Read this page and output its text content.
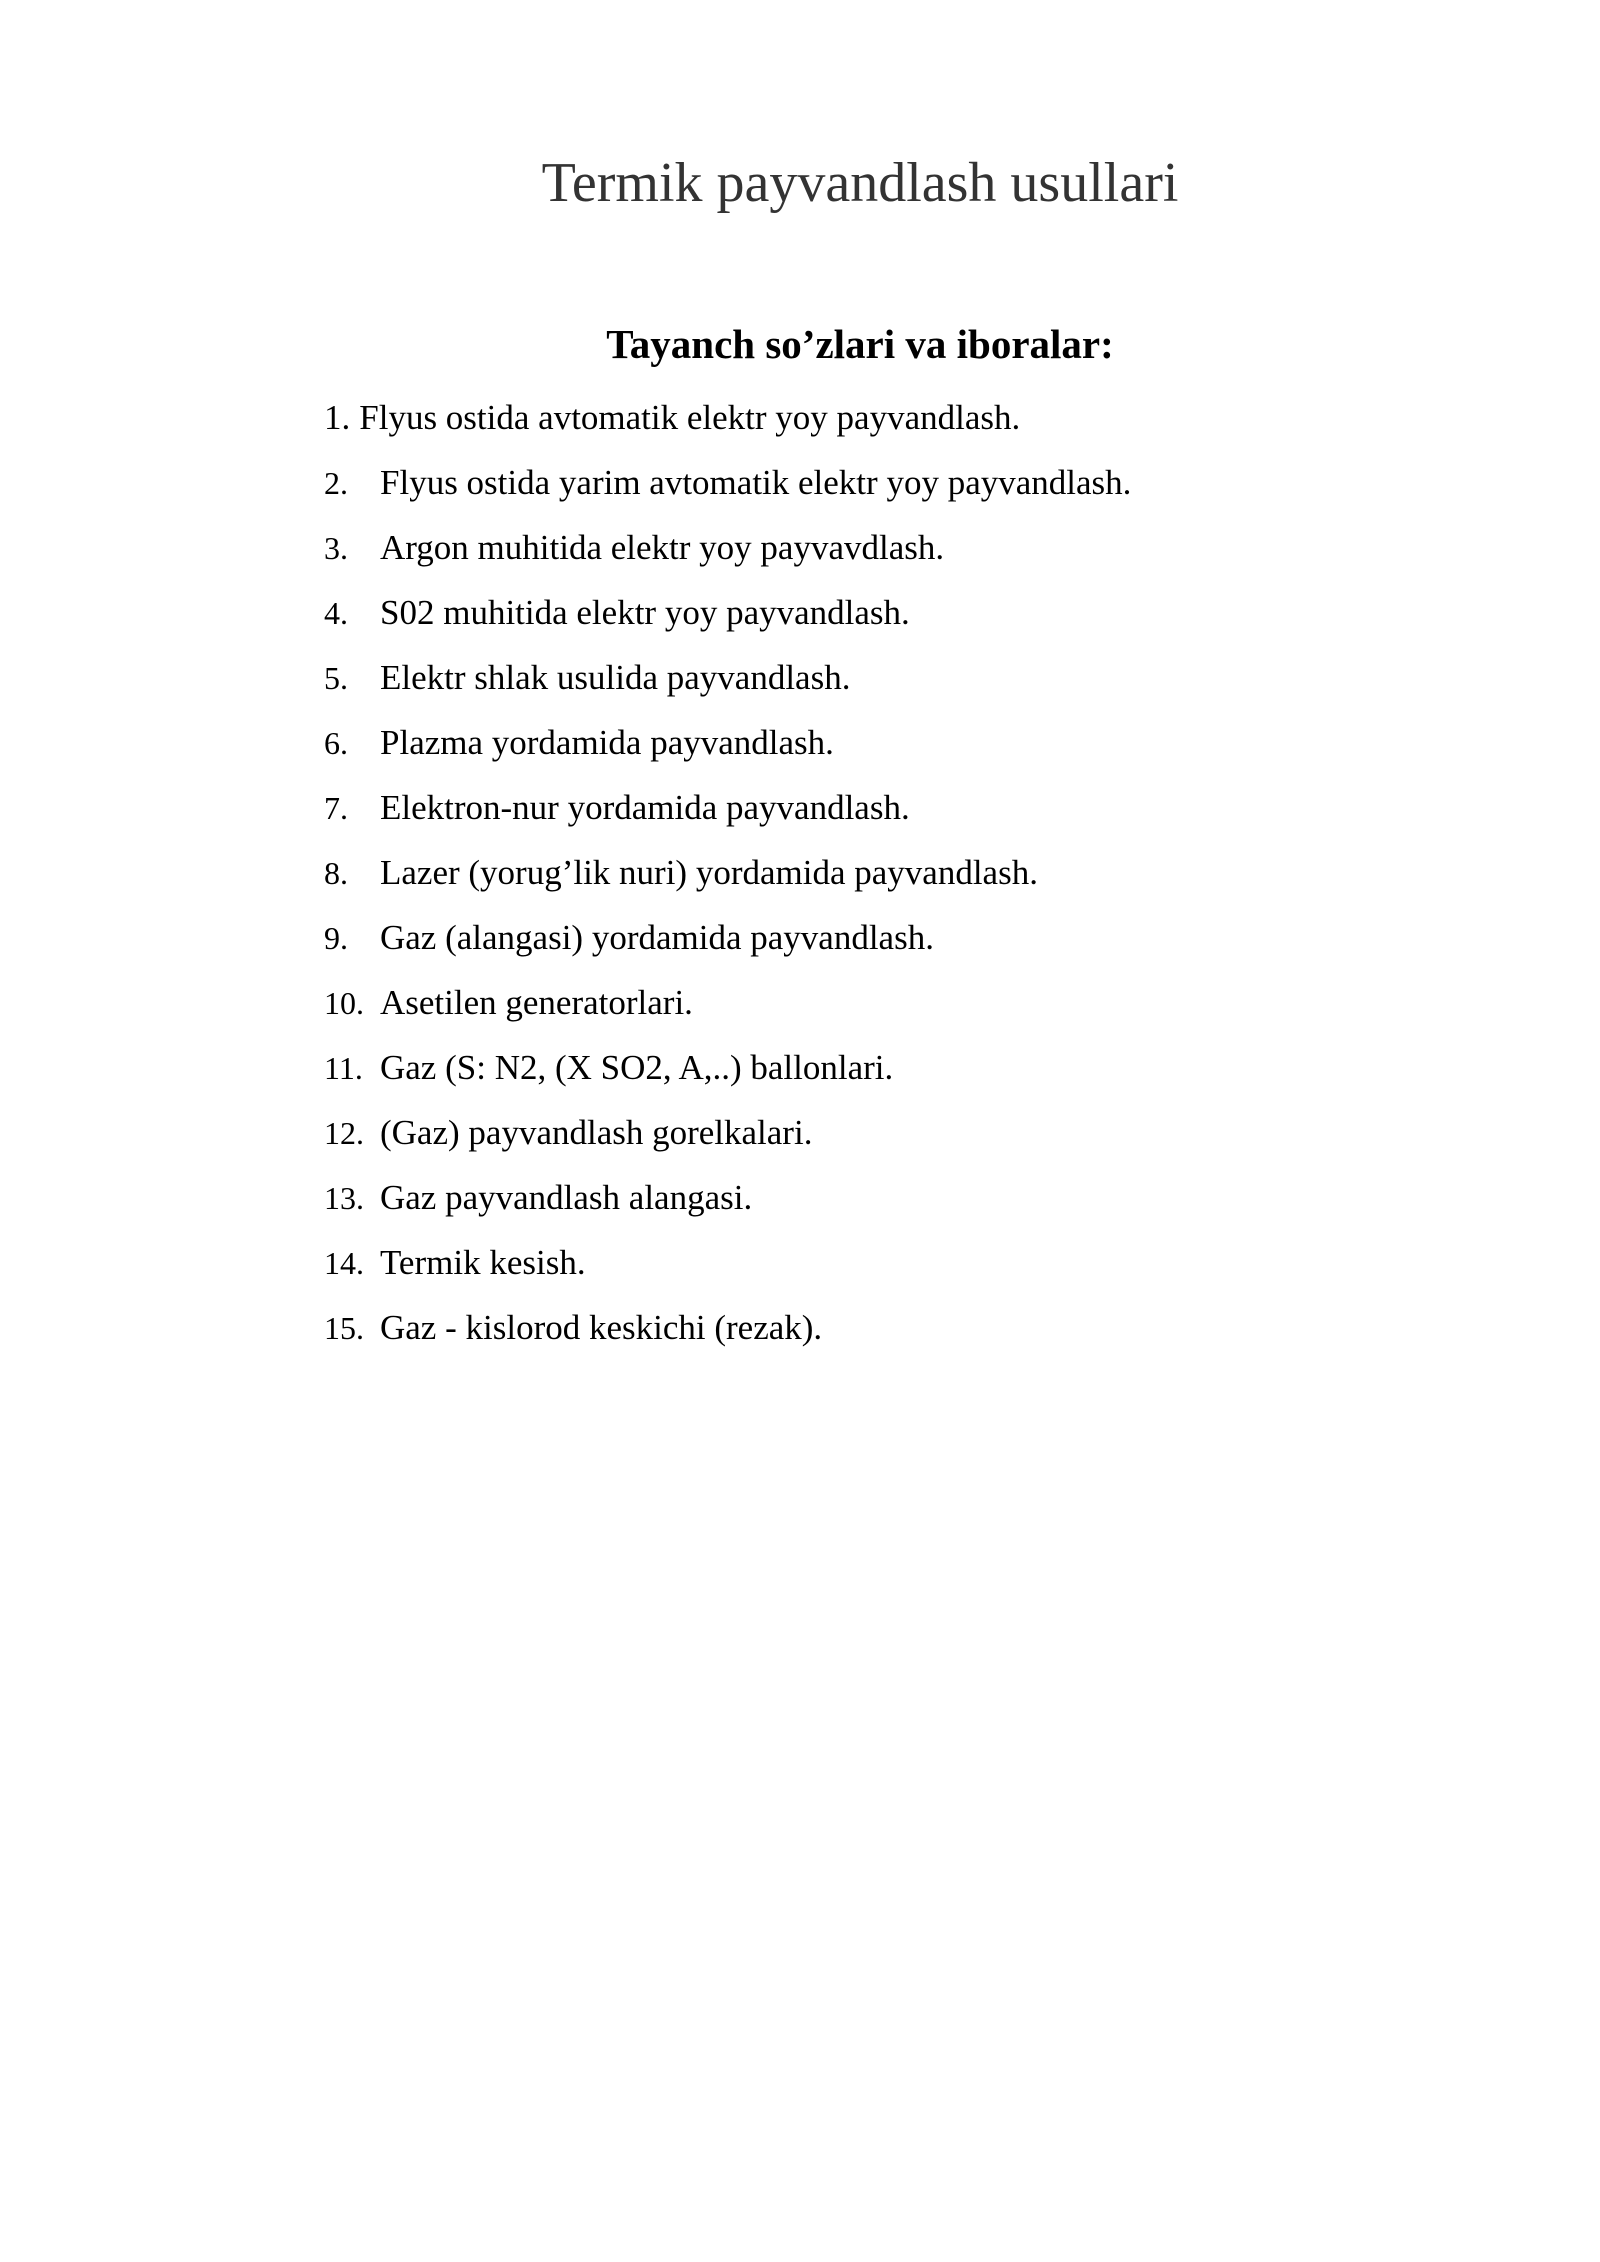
Termik payvandlash usullari
Tayanch so’zlari va iboralar:
1. Flyus ostida avtomatik elektr yoy payvandlash.
2. Flyus ostida yarim avtomatik elektr yoy payvandlash.
3. Argon muhitida elektr yoy payvavdlash.
4. S02 muhitida elektr yoy payvandlash.
5. Elektr shlak usulida payvandlash.
6. Plazma yordamida payvandlash.
7. Elektron-nur yordamida payvandlash.
8. Lazer (yorug’lik nuri) yordamida payvandlash.
9. Gaz (alangasi) yordamida payvandlash.
10. Asetilen generatorlari.
11. Gaz (S: N2, (X SO2, A,..) ballonlari.
12. (Gaz) payvandlash gorelkalari.
13. Gaz payvandlash alangasi.
14. Termik kesish.
15. Gaz - kislorod keskichi (rezak).
